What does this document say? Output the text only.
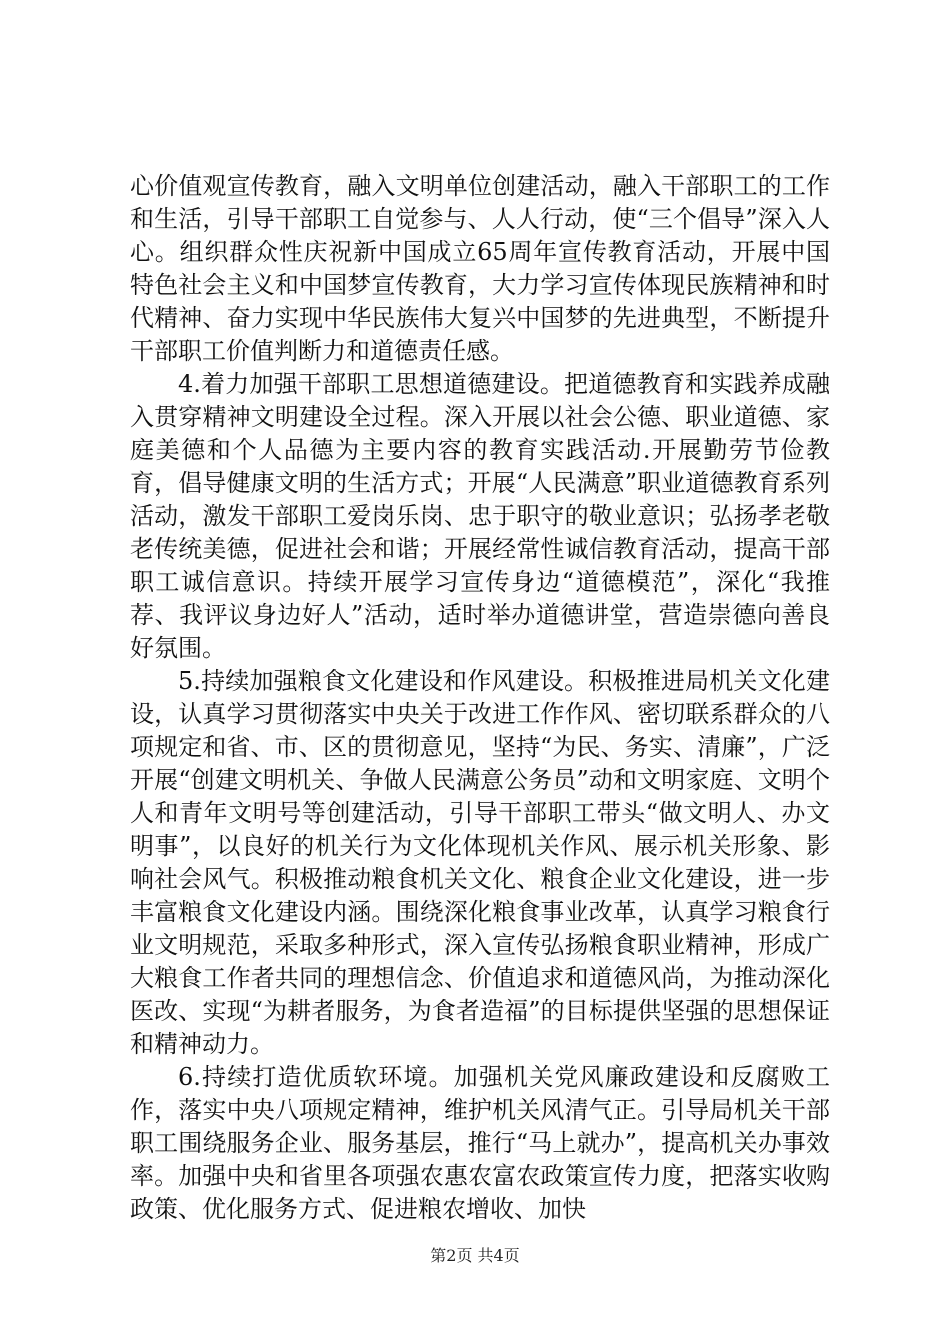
心价值观宣传教育，融入文明单位创建活动，融入干部职工的工作和生活，引导干部职工自觉参与、人人行动，使“三个倡导”深入人心。组织群众性庆祝新中国成立65周年宣传教育活动，开展中国特色社会主义和中国梦宣传教育，大力学习宣传体现民族精神和时代精神、奋力实现中华民族伟大复兴中国梦的先进典型，不断提升干部职工价值判断力和道德责任感。

4.着力加强干部职工思想道德建设。把道德教育和实践养成融入贯穿精神文明建设全过程。深入开展以社会公德、职业道德、家庭美德和个人品德为主要内容的教育实践活动.开展勤劳节俭教育，倡导健康文明的生活方式；开展“人民满意”职业道德教育系列活动，激发干部职工爱岗乐岗、忠于职守的敬业意识；弘扬孝老敬老传统美德，促进社会和谐；开展经常性诚信教育活动，提高干部职工诚信意识。持续开展学习宣传身边“道德模范”，深化“我推荐、我评议身边好人”活动，适时举办道德讲堂，营造崇德向善良好氛围。

5.持续加强粮食文化建设和作风建设。积极推进局机关文化建设，认真学习贯彻落实中央关于改进工作作风、密切联系群众的八项规定和省、市、区的贯彻意见，坚持“为民、务实、清廉”，广泛开展“创建文明机关、争做人民满意公务员”动和文明家庭、文明个人和青年文明号等创建活动，引导干部职工带头“做文明人、办文明事”，以良好的机关行为文化体现机关作风、展示机关形象、影响社会风气。积极推动粮食机关文化、粮食企业文化建设，进一步丰富粮食文化建设内涵。围绕深化粮食事业改革，认真学习粮食行业文明规范，采取多种形式，深入宣传弘扬粮食职业精神，形成广大粮食工作者共同的理想信念、价值追求和道德风尚，为推动深化医改、实现“为耕者服务，为食者造福”的目标提供坚强的思想保证和精神动力。

6.持续打造优质软环境。加强机关党风廉政建设和反腐败工作，落实中央八项规定精神，维护机关风清气正。引导局机关干部职工围绕服务企业、服务基层，推行“马上就办”，提高机关办事效率。加强中央和省里各项强农惠农富农政策宣传力度，把落实收购政策、优化服务方式、促进粮农增收、加快

第2页 共4页
